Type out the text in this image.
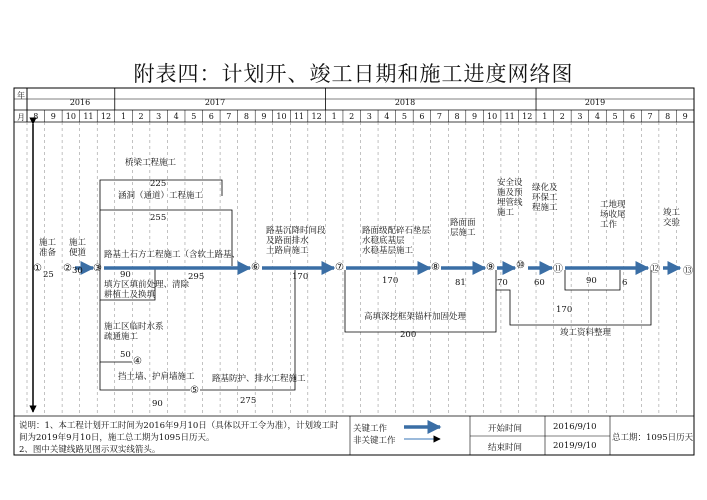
附表四：计划开、竣工日期和施工进度网络图
年
月
2016	2017	2018	2019
8	9	10 11 12	1	2	3	4	5	6	7	8	9	10 11 12	1	2	3	4	5	6	7	8	9	10 11 12	1	2	3	4	5	6	7	8	9
施工
准备
施工
便道
桥梁工程施工
涵洞（通道）工程施工
路基土石方工程施工（含软土路基、
填方区填前处理、清除
耕植土及换填
施工区临时水系
疏通施工
挡土墙、护肩墙施工 路基防护、排水工程施工
路基沉降时间段
及路面排水
土路肩施工
路面级配碎石垫层
水稳底基层
水稳基层施工
路面面
层施工
安全设
施及预
埋管线
施工
绿化及
环保工
程施工	工地现
场收尾
工作
竣工
交验
高填深挖框架锚杆加固处理
竣工资料整理
25 30
225
255
90	295
50
90	275
170	170	81	70	60	90	6
200
170
① ② ③
④
⑤
⑥	⑦	⑧	⑨ ⑩	⑪	⑫ ⑬
说明：1、本工程计划开工时间为2016年9月10日（具体以开工令为准），计划竣工时
间为2019年9月10日，施工总工期为1095日历天。
2、图中关键线路见图示双实线箭头。
关键工作
非关键工作
开始时间	2016/9/10
结束时间	2019/9/10
总工期：1095日历天
